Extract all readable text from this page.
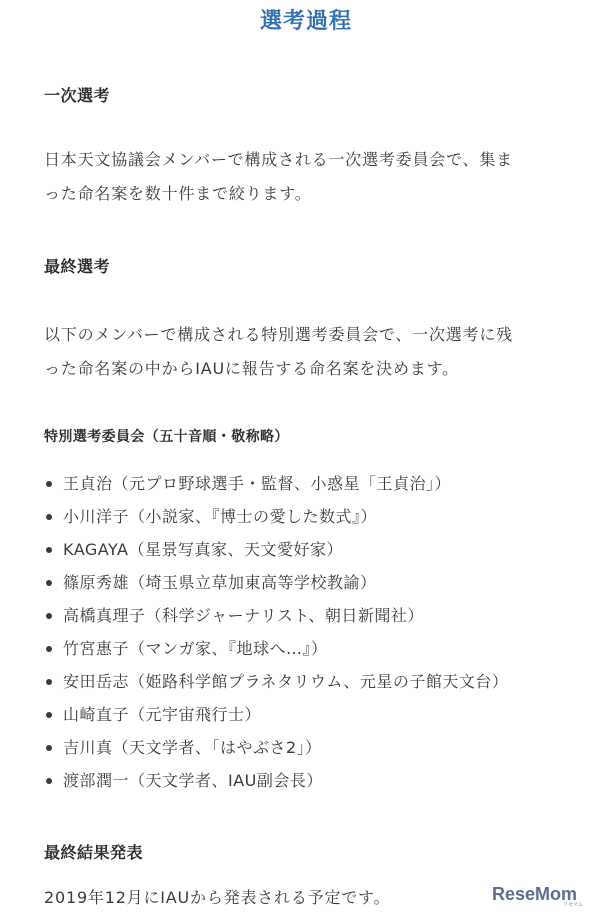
選考過程
一次選考
日本天文協議会メンバーで構成される一次選考委員会で、集ま
った命名案を数十件まで絞ります。
最終選考
以下のメンバーで構成される特別選考委員会で、一次選考に残
った命名案の中からIAUに報告する命名案を決めます。
特別選考委員会（五十音順・敬称略）
王貞治（元プロ野球選手・監督、小惑星「王貞治」）
小川洋子（小説家、『博士の愛した数式』）
KAGAYA（星景写真家、天文愛好家）
篠原秀雄（埼玉県立草加東高等学校教諭）
高橋真理子（科学ジャーナリスト、朝日新聞社）
竹宮惠子（マンガ家、『地球へ…』）
安田岳志（姫路科学館プラネタリウム、元星の子館天文台）
山崎直子（元宇宙飛行士）
吉川真（天文学者、「はやぶさ2」）
渡部潤一（天文学者、IAU副会長）
最終結果発表
2019年12月にIAUから発表される予定です。	ReseMom
リセマム
